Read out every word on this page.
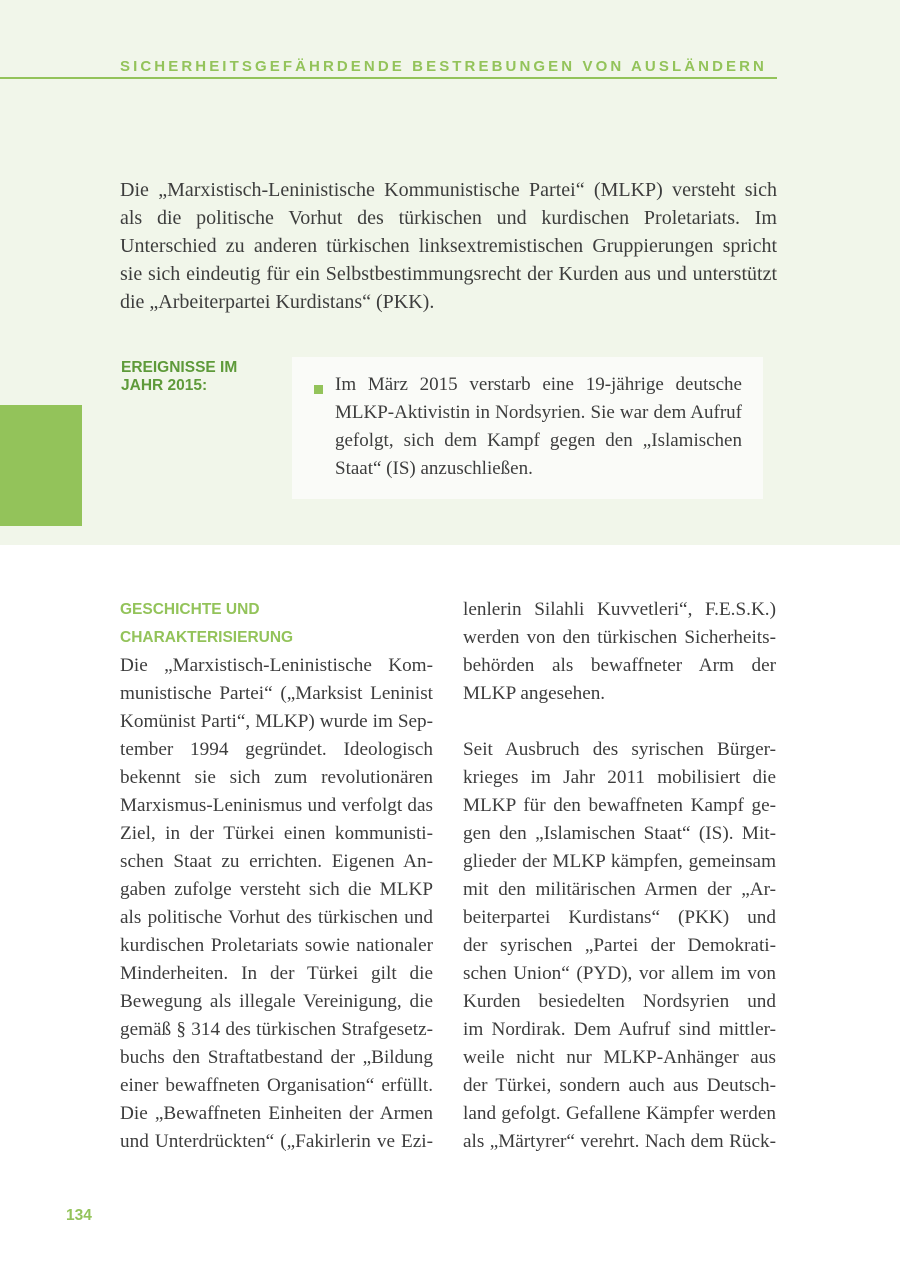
SICHERHEITSGEFÄHRDENDE BESTREBUNGEN VON AUSLÄNDERN

Die „Marxistisch-Leninistische Kommunistische Partei“ (MLKP) versteht sich als die politische Vorhut des türkischen und kurdischen Proletariats. Im Unterschied zu anderen türkischen linksextremistischen Gruppierungen spricht sie sich eindeutig für ein Selbstbestimmungsrecht der Kurden aus und unterstützt die „Arbeiterpartei Kurdistans“ (PKK).

EREIGNISSE IM
JAHR 2015:	Im März 2015 verstarb eine 19-jährige deutsche MLKP-Aktivistin in Nordsyrien. Sie war dem Aufruf gefolgt, sich dem Kampf gegen den „Islamischen Staat“ (IS) anzuschließen.

GESCHICHTE UND
CHARAKTERISIERUNG

Die „Marxistisch-Leninistische Kom-
munistische Partei“ („Marksist Leninist
Komünist Parti“, MLKP) wurde im Sep-
tember 1994 gegründet. Ideologisch
bekennt sie sich zum revolutionären
Marxismus-Leninismus und verfolgt das
Ziel, in der Türkei einen kommunisti-
schen Staat zu errichten. Eigenen An-
gaben zufolge versteht sich die MLKP
als politische Vorhut des türkischen und
kurdischen Proletariats sowie nationaler
Minderheiten. In der Türkei gilt die
Bewegung als illegale Vereinigung, die
gemäß § 314 des türkischen Strafgesetz-
buchs den Straftatbestand der „Bildung
einer bewaffneten Organisation“ erfüllt.
Die „Bewaffneten Einheiten der Armen
und Unterdrückten“ („Fakirlerin ve Ezi-

lenlerin Silahli Kuvvetleri“, F.E.S.K.)
werden von den türkischen Sicherheits-
behörden als bewaffneter Arm der
MLKP angesehen.

Seit Ausbruch des syrischen Bürger-
krieges im Jahr 2011 mobilisiert die
MLKP für den bewaffneten Kampf ge-
gen den „Islamischen Staat“ (IS). Mit-
glieder der MLKP kämpfen, gemeinsam
mit den militärischen Armen der „Ar-
beiterpartei Kurdistans“ (PKK) und
der syrischen „Partei der Demokrati-
schen Union“ (PYD), vor allem im von
Kurden besiedelten Nordsyrien und
im Nordirak. Dem Aufruf sind mittler-
weile nicht nur MLKP-Anhänger aus
der Türkei, sondern auch aus Deutsch-
land gefolgt. Gefallene Kämpfer werden
als „Märtyrer“ verehrt. Nach dem Rück-

134
